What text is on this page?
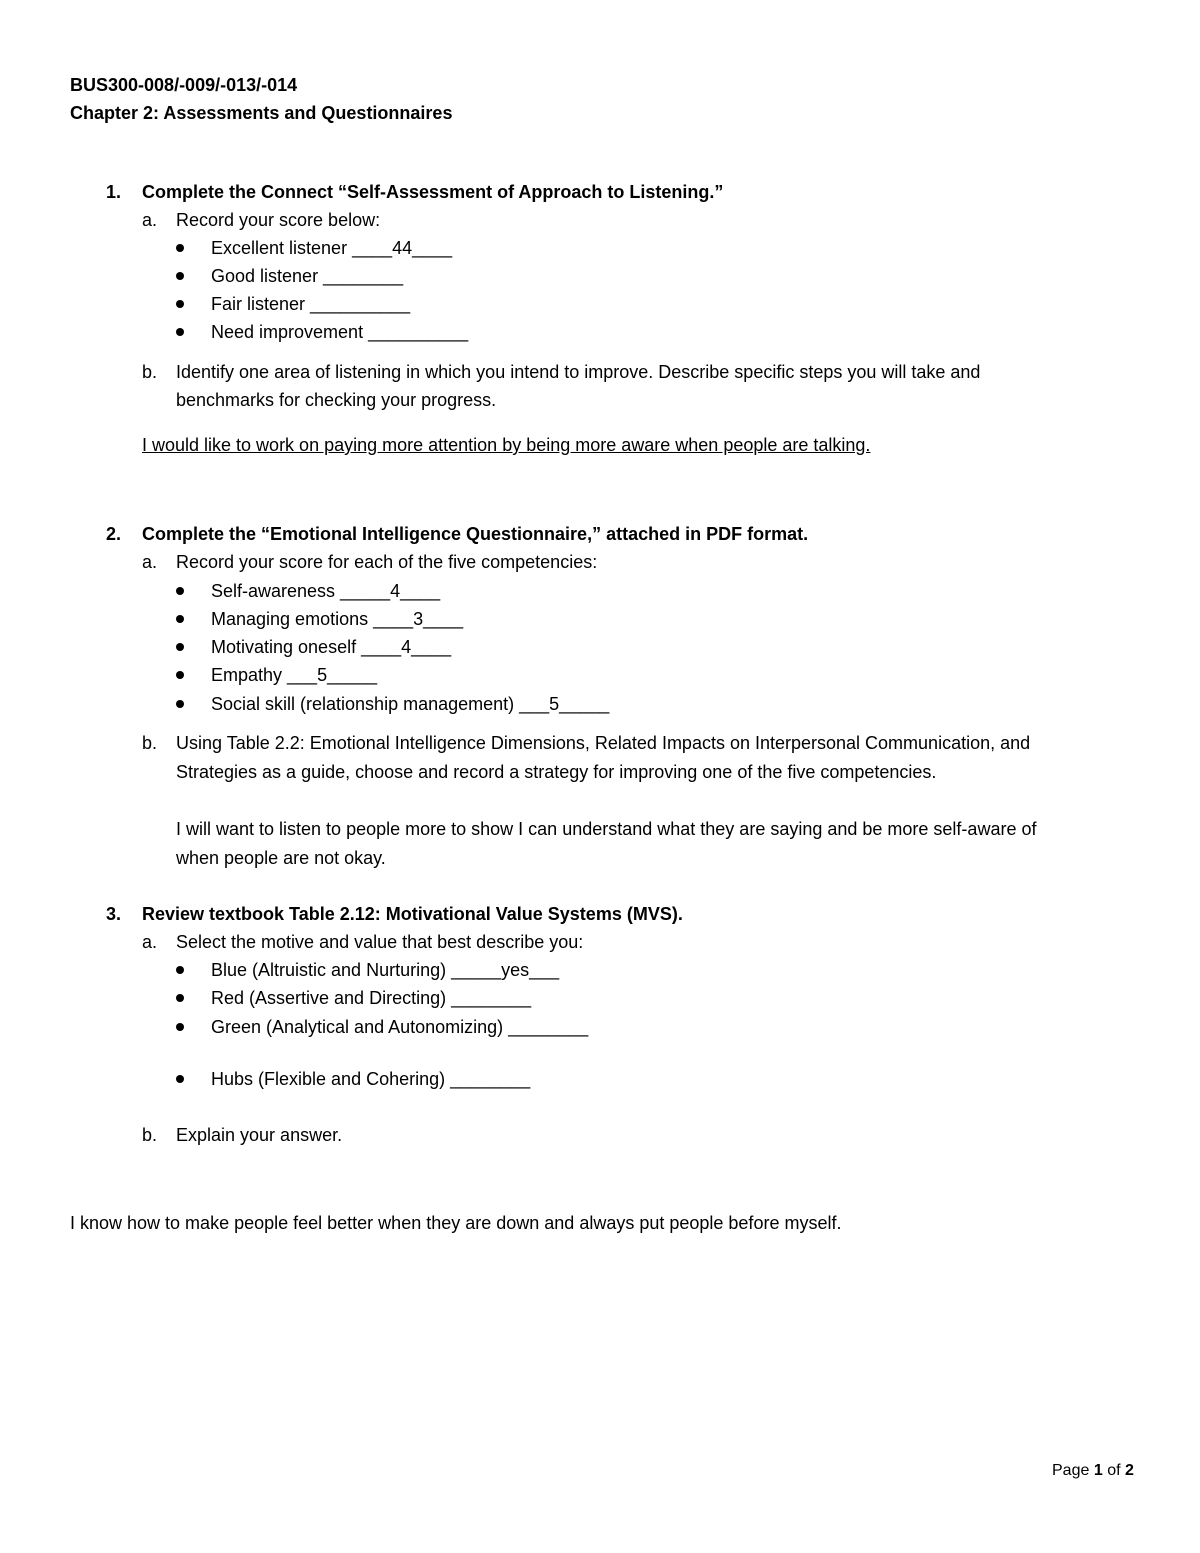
BUS300-008/-009/-013/-014
Chapter 2: Assessments and Questionnaires
1. Complete the Connect “Self-Assessment of Approach to Listening.”
a. Record your score below:
Excellent listener ____44____
Good listener ________
Fair listener __________
Need improvement __________
b. Identify one area of listening in which you intend to improve. Describe specific steps you will take and
benchmarks for checking your progress.
I would like to work on paying more attention by being more aware when people are talking.
2. Complete the “Emotional Intelligence Questionnaire,” attached in PDF format.
a. Record your score for each of the five competencies:
Self-awareness _____4____
Managing emotions ____3____
Motivating oneself ____4____
Empathy ___5_____
Social skill (relationship management) ___5_____
b. Using Table 2.2: Emotional Intelligence Dimensions, Related Impacts on Interpersonal Communication, and
Strategies as a guide, choose and record a strategy for improving one of the five competencies.
I will want to listen to people more to show I can understand what they are saying and be more self-aware of
when people are not okay.
3. Review textbook Table 2.12: Motivational Value Systems (MVS).
a. Select the motive and value that best describe you:
Blue (Altruistic and Nurturing) _____yes___
Red (Assertive and Directing) ________
Green (Analytical and Autonomizing) ________
Hubs (Flexible and Cohering) ________
b. Explain your answer.
I know how to make people feel better when they are down and always put people before myself.
Page 1 of 2
